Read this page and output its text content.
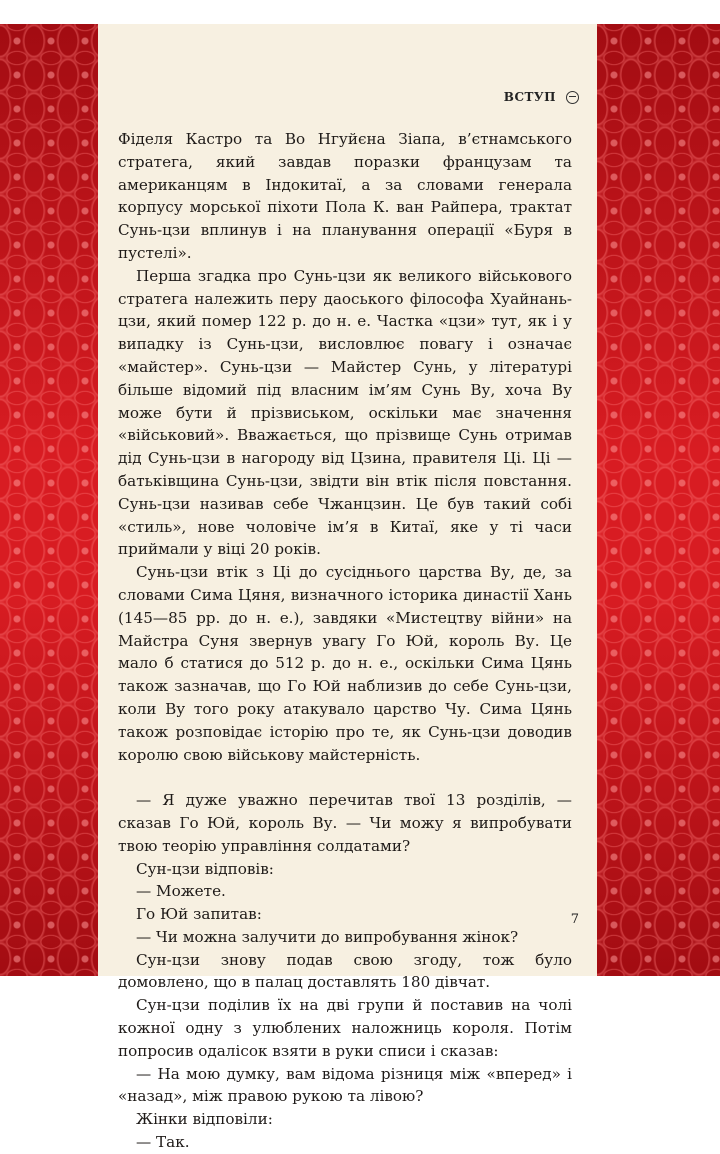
ВСТУП

Фіделя Кастро та Во Нгуйєна Зіапа, в’єтнамського стратега, який завдав поразки французам та американцям в Індокитаї, а за словами генерала корпусу морської піхоти Пола К. ван Райпера, трактат Сунь-цзи вплинув і на планування операції «Буря в пустелі».

Перша згадка про Сунь-цзи як великого військового стратега належить перу даоського філософа Хуайнань-цзи, який помер 122 р. до н. е. Частка «цзи» тут, як і у випадку із Сунь-цзи, висловлює повагу і означає «майстер». Сунь-цзи — Майстер Сунь, у літературі більше відомий під власним ім’ям Сунь Ву, хоча Ву може бути й прізвиськом, оскільки має значення «військовий». Вважається, що прізвище Сунь отримав дід Сунь-цзи в нагороду від Цзина, правителя Ці. Ці — батьківщина Сунь-цзи, звідти він втік після повстання. Сунь-цзи називав себе Чжанцзин. Це був такий собі «стиль», нове чоловіче імʼя в Китаї, яке у ті часи приймали у віці 20 років.

Сунь-цзи втік з Ці до сусіднього царства Ву, де, за словами Сима Цяня, визначного історика династії Хань (145—85 рр. до н. е.), завдяки «Мистецтву війни» на Майстра Суня звернув увагу Го Юй, король Ву. Це мало б статися до 512 р. до н. е., оскільки Сима Цянь також зазначав, що Го Юй наблизив до себе Сунь-цзи, коли Ву того року атакувало царство Чу. Сима Цянь також розповідає історію про те, як Сунь-цзи доводив королю свою військову майстерність.

— Я дуже уважно перечитав твої 13 розділів, — сказав Го Юй, король Ву. — Чи можу я випробувати твою теорію управління солдатами?

Сун-цзи відповів:

— Можете.

Го Юй запитав:

— Чи можна залучити до випробування жінок?

Сун-цзи знову подав свою згоду, тож було домовлено, що в палац доставлять 180 дівчат.

Сун-цзи поділив їх на дві групи й поставив на чолі кожної одну з улюблених наложниць короля. Потім попросив одалісок взяти в руки списи і сказав:

— На мою думку, вам відома різниця між «вперед» і «назад», між правою рукою та лівою?

Жінки відповіли:

— Так.

7
